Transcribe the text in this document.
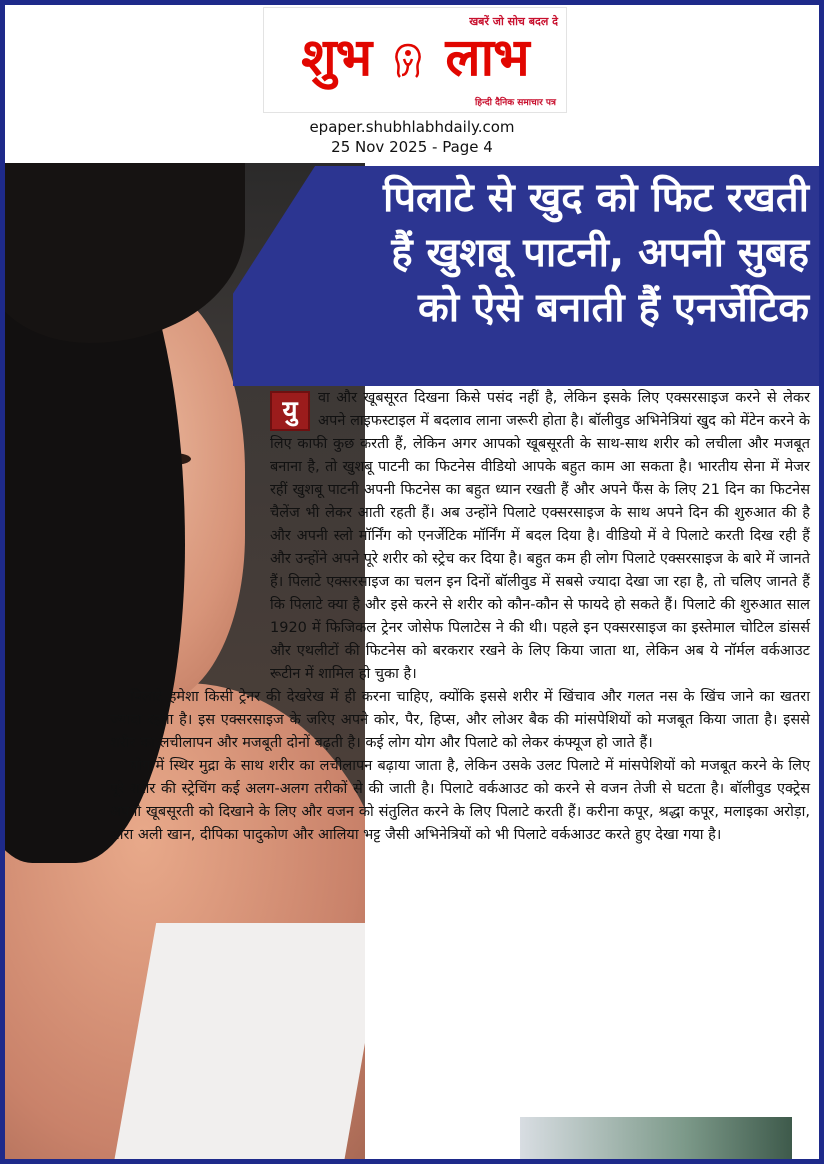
खबरें जो सोच बदल दे
शुभ लाभ
हिन्दी दैनिक समाचार पत्र
epaper.shubhlabhdaily.com
25 Nov 2025 - Page 4
पिलाटे से खुद को फिट रखती
हैं खुशबू पाटनी, अपनी सुबह
को ऐसे बनाती हैं एनर्जेटिक

यु	वा और खूबसूरत दिखना किसे पसंद नहीं है, लेकिन इसके लिए एक्सरसाइज करने से लेकर अपने लाइफस्टाइल में बदलाव लाना जरूरी होता है। बॉलीवुड अभिनेत्रियां खुद को मेंटेन करने के लिए काफी कुछ करती हैं, लेकिन अगर आपको खूबसूरती के साथ-साथ शरीर को लचीला और मजबूत बनाना है, तो खुशबू पाटनी का फिटनेस वीडियो आपके बहुत काम आ सकता है। भारतीय सेना में मेजर रहीं खुशबू पाटनी अपनी फिटनेस का बहुत ध्यान रखती हैं और अपने फैंस के लिए 21 दिन का फिटनेस चैलेंज भी लेकर आती रहती हैं। अब उन्होंने पिलाटे एक्सरसाइज के साथ अपने दिन की शुरुआत की है और अपनी स्लो मॉर्निंग को एनर्जेटिक मॉर्निंग में बदल दिया है। वीडियो में वे पिलाटे करती दिख रही हैं और उन्होंने अपने पूरे शरीर को स्ट्रेच कर दिया है। बहुत कम ही लोग पिलाटे एक्सरसाइज के बारे में जानते हैं। पिलाटे एक्सरसाइज का चलन इन दिनों बॉलीवुड में सबसे ज्यादा देखा जा रहा है, तो चलिए जानते हैं कि पिलाटे क्या है और इसे करने से शरीर को कौन-कौन से फायदे हो सकते हैं। पिलाटे की शुरुआत साल 1920 में फिजिकल ट्रेनर जोसेफ पिलाटेस ने की थी। पहले इन एक्सरसाइज का इस्तेमाल चोटिल डांसर्स और एथलीटों की फिटनेस को बरकरार रखने के लिए किया जाता था, लेकिन अब ये नॉर्मल वर्कआउट रूटीन में शामिल हो चुका है।

पिलाटे हमेशा किसी ट्रेनर की देखरेख में ही करना चाहिए, क्योंकि इससे शरीर में खिंचाव और गलत नस के खिंच जाने का खतरा ज्यादा रहता है। इस एक्सरसाइज के जरिए अपने कोर, पैर, हिप्स, और लोअर बैक की मांसपेशियों को मजबूत किया जाता है। इससे शरीर का लचीलापन और मजबूती दोनों बढ़ती है। कई लोग योग और पिलाटे को लेकर कंफ्यूज हो जाते हैं।

योग में स्थिर मुद्रा के साथ शरीर का लचीलापन बढ़ाया जाता है, लेकिन उसके उलट पिलाटे में मांसपेशियों को मजबूत करने के लिए पूरे शरीर की स्ट्रेचिंग कई अलग-अलग तरीकों से की जाती है। पिलाटे वर्कआउट को करने से वजन तेजी से घटता है। बॉलीवुड एक्ट्रेस अपनी खूबसूरती को दिखाने के लिए और वजन को संतुलित करने के लिए पिलाटे करती हैं। करीना कपूर, श्रद्धा कपूर, मलाइका अरोड़ा, सारा अली खान, दीपिका पादुकोण और आलिया भट्ट जैसी अभिनेत्रियों को भी पिलाटे वर्कआउट करते हुए देखा गया है।
